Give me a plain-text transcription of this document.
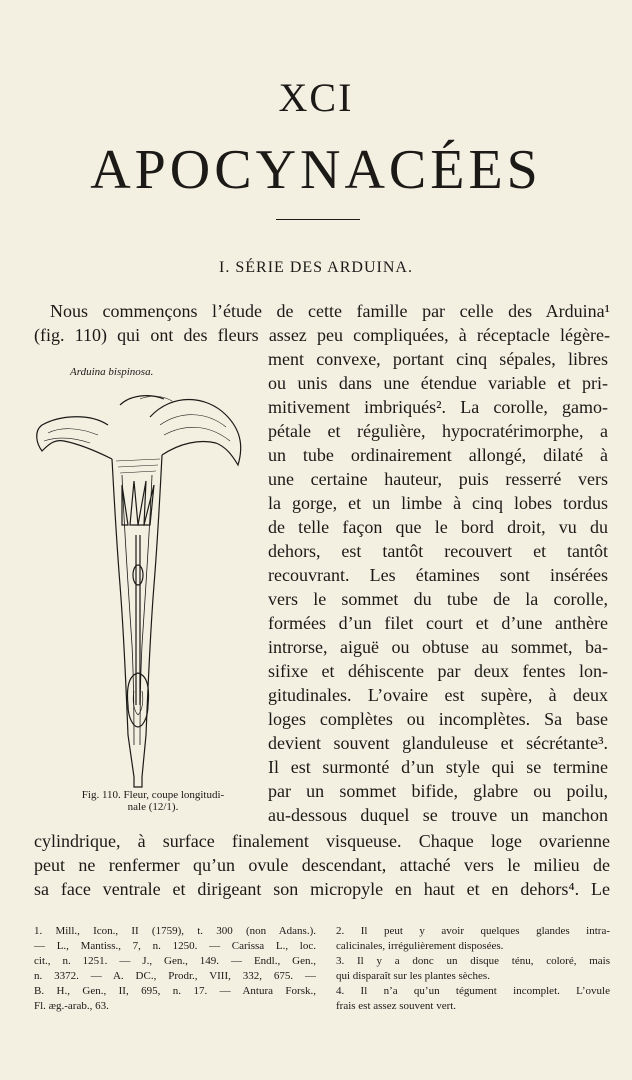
XCI
APOCYNACÉES
I. SÉRIE DES ARDUINA.
Nous commençons l’étude de cette famille par celle des Arduina¹
(fig. 110) qui ont des fleurs assez peu compliquées, à réceptacle légère-
ment convexe, portant cinq sépales, libres
ou unis dans une étendue variable et pri-
mitivement imbriqués². La corolle, gamo-
pétale et régulière, hypocratérimorphe, a
un tube ordinairement allongé, dilaté à
une certaine hauteur, puis resserré vers
la gorge, et un limbe à cinq lobes tordus
de telle façon que le bord droit, vu du
dehors, est tantôt recouvert et tantôt
recouvrant. Les étamines sont insérées
vers le sommet du tube de la corolle,
formées d’un filet court et d’une anthère
introrse, aiguë ou obtuse au sommet, ba-
sifixe et déhiscente par deux fentes lon-
gitudinales. L’ovaire est supère, à deux
loges complètes ou incomplètes. Sa base
devient souvent glanduleuse et sécrétante³.
Il est surmonté d’un style qui se termine
par un sommet bifide, glabre ou poilu,
au-dessous duquel se trouve un manchon
cylindrique, à surface finalement visqueuse. Chaque loge ovarienne
peut ne renfermer qu’un ovule descendant, attaché vers le milieu de
sa face ventrale et dirigeant son micropyle en haut et en dehors⁴. Le
Arduina bispinosa.
Fig. 110. Fleur, coupe longitudi-
nale (12/1).
1. Mill., Icon., II (1759), t. 300 (non Adans.).
— L., Mantiss., 7, n. 1250. — Carissa L., loc.
cit., n. 1251. — J., Gen., 149. — Endl., Gen.,
n. 3372. — A. DC., Prodr., VIII, 332, 675. —
B. H., Gen., II, 695, n. 17. — Antura Forsk.,
Fl. æg.-arab., 63.
2. Il peut y avoir quelques glandes intra-
calicinales, irrégulièrement disposées.
3. Il y a donc un disque ténu, coloré, mais
qui disparaît sur les plantes sèches.
4. Il n’a qu’un tégument incomplet. L’ovule
frais est assez souvent vert.
